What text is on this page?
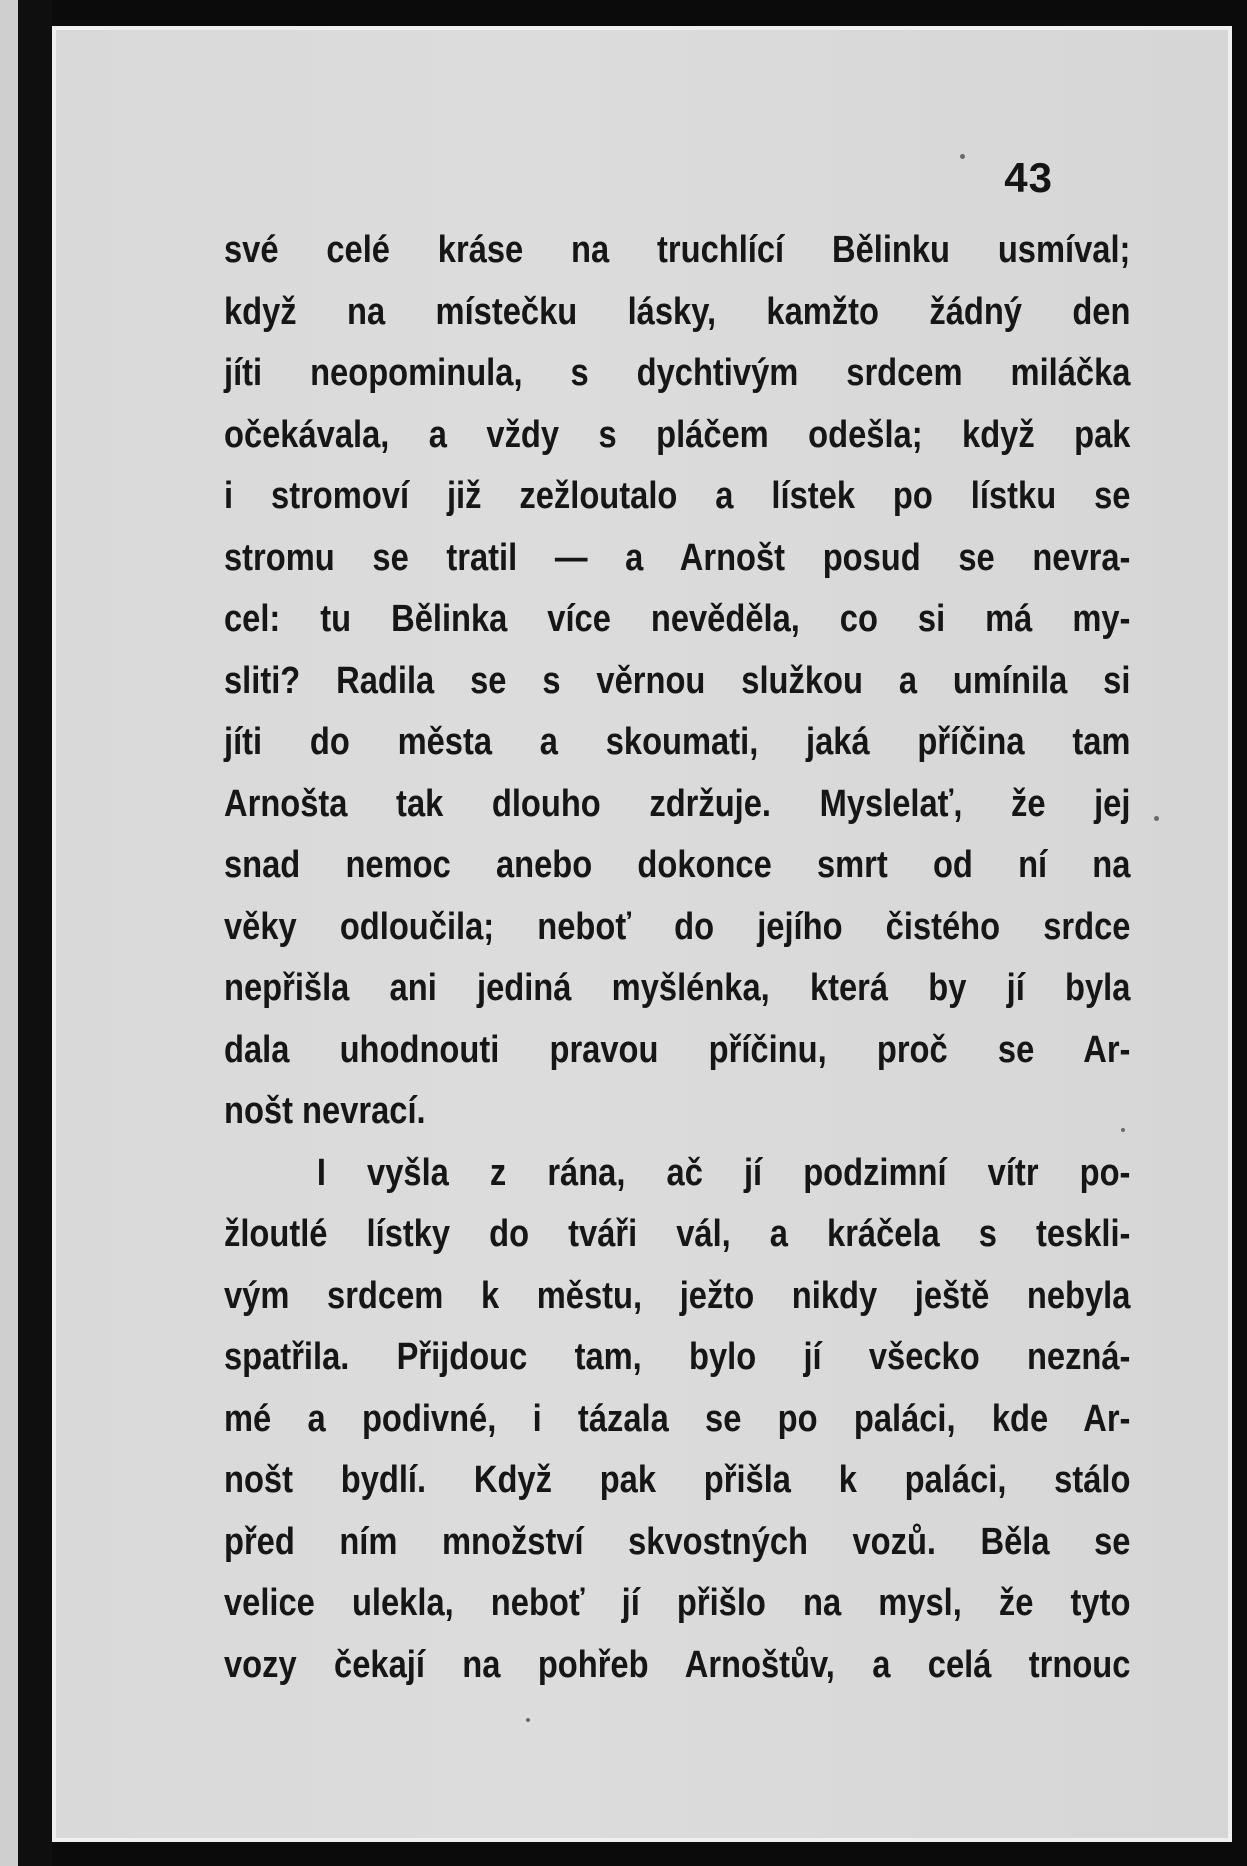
43
své celé kráse na truchlící Bělinku usmíval;
když na místečku lásky, kamžto žádný den
jíti neopominula, s dychtivým srdcem miláčka
očekávala, a vždy s pláčem odešla; když pak
i stromoví již zežloutalo a lístek po lístku se
stromu se tratil — a Arnošt posud se nevra-
cel: tu Bělinka více nevěděla, co si má my-
sliti? Radila se s věrnou služkou a umínila si
jíti do města a skoumati, jaká příčina tam
Arnošta tak dlouho zdržuje. Myslelať, že jej
snad nemoc anebo dokonce smrt od ní na
věky odloučila; neboť do jejího čistého srdce
nepřišla ani jediná myšlénka, která by jí byla
dala uhodnouti pravou příčinu, proč se Ar-
nošt nevrací.
I vyšla z rána, ač jí podzimní vítr po-
žloutlé lístky do tváři vál, a kráčela s teskli-
vým srdcem k městu, ježto nikdy ještě nebyla
spatřila. Přijdouc tam, bylo jí všecko nezná-
mé a podivné, i tázala se po paláci, kde Ar-
nošt bydlí. Když pak přišla k paláci, stálo
před ním množství skvostných vozů. Běla se
velice ulekla, neboť jí přišlo na mysl, že tyto
vozy čekají na pohřeb Arnoštův, a celá trnouc
